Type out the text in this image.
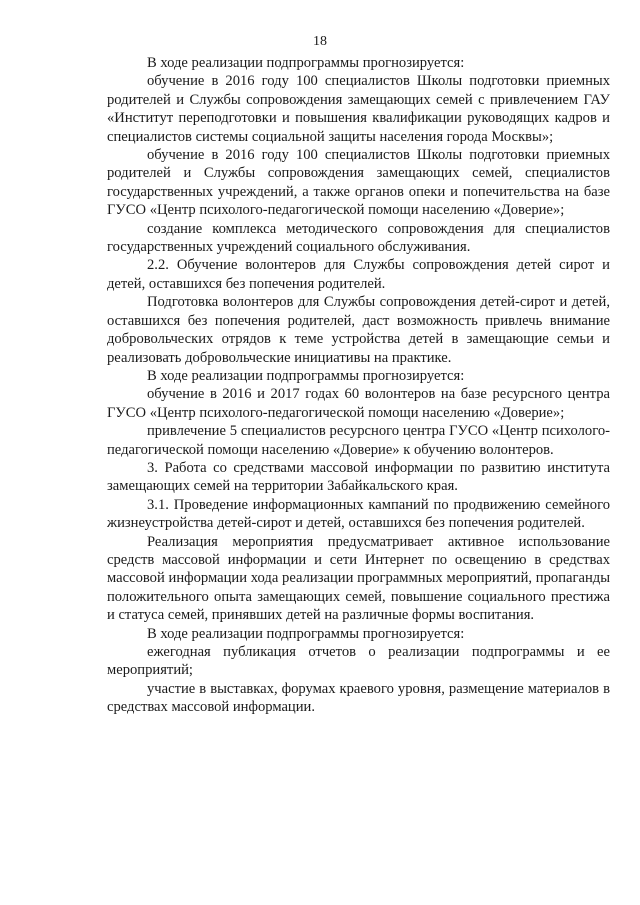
18

В ходе реализации подпрограммы прогнозируется:

обучение в 2016 году 100 специалистов Школы подготовки приемных родителей и Службы сопровождения замещающих семей с привлечением ГАУ «Институт переподготовки и повышения квалификации руководящих кадров и специалистов системы социальной защиты населения города Москвы»;

обучение в 2016 году 100 специалистов Школы подготовки приемных родителей и Службы сопровождения замещающих семей, специалистов государственных учреждений, а также органов опеки и попечительства на базе ГУСО «Центр психолого-педагогической помощи населению «Доверие»;

создание комплекса методического сопровождения для специалистов государственных учреждений социального обслуживания.

2.2. Обучение волонтеров для Службы сопровождения детей сирот и детей, оставшихся без попечения родителей.

Подготовка волонтеров для Службы сопровождения детей-сирот и детей, оставшихся без попечения родителей, даст возможность привлечь внимание добровольческих отрядов к теме устройства детей в замещающие семьи и реализовать добровольческие инициативы на практике.

В ходе реализации подпрограммы прогнозируется:

обучение в 2016 и 2017 годах 60 волонтеров на базе ресурсного центра ГУСО «Центр психолого-педагогической помощи населению «Доверие»;

привлечение 5 специалистов ресурсного центра ГУСО «Центр психолого-педагогической помощи населению «Доверие» к обучению волонтеров.

3. Работа со средствами массовой информации по развитию института замещающих семей на территории Забайкальского края.

3.1. Проведение информационных кампаний по продвижению семейного жизнеустройства детей-сирот и детей, оставшихся без попечения родителей.

Реализация мероприятия предусматривает активное использование средств массовой информации и сети Интернет по освещению в средствах массовой информации хода реализации программных мероприятий, пропаганды положительного опыта замещающих семей, повышение социального престижа и статуса семей, принявших детей на различные формы воспитания.

В ходе реализации подпрограммы прогнозируется:

ежегодная публикация отчетов о реализации подпрограммы и ее мероприятий;

участие в выставках, форумах краевого уровня, размещение материалов в средствах массовой информации.
